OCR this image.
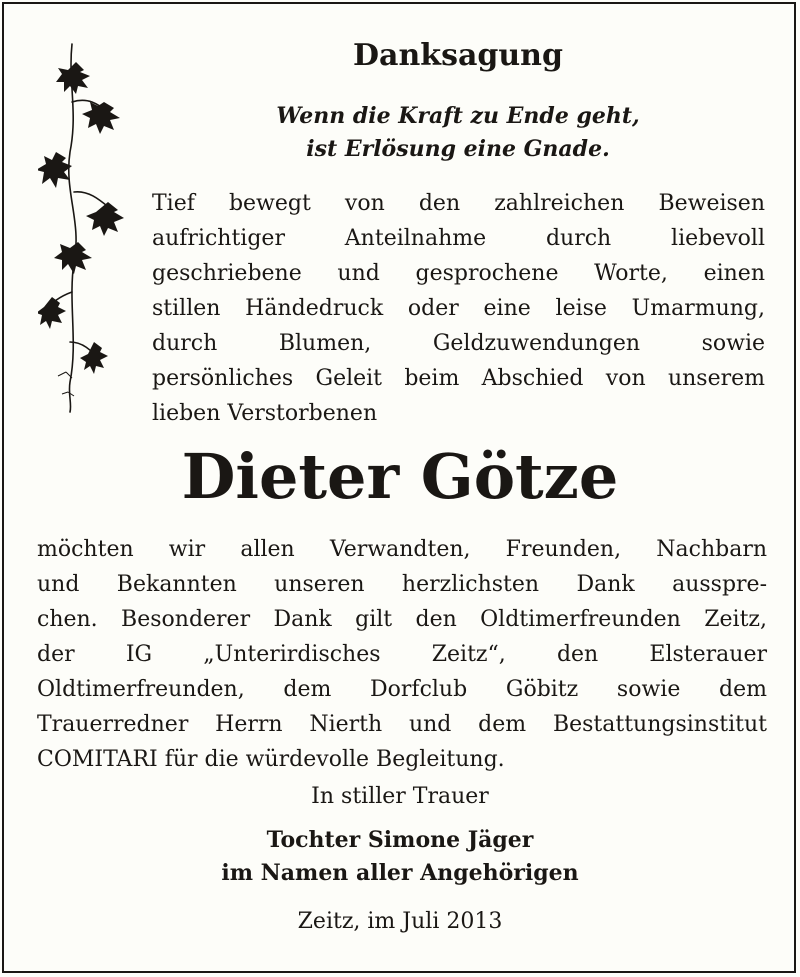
Danksagung
Wenn die Kraft zu Ende geht,
ist Erlösung eine Gnade.
Tief bewegt von den zahlreichen Beweisen
aufrichtiger Anteilnahme durch liebevoll
geschriebene und gesprochene Worte, einen
stillen Händedruck oder eine leise Umarmung,
durch Blumen, Geldzuwendungen sowie
persönliches Geleit beim Abschied von unserem
lieben Verstorbenen
Dieter Götze
möchten wir allen Verwandten, Freunden, Nachbarn
und Bekannten unseren herzlichsten Dank ausspre-
chen. Besonderer Dank gilt den Oldtimerfreunden Zeitz,
der IG „Unterirdisches Zeitz“, den Elsterauer
Oldtimerfreunden, dem Dorfclub Göbitz sowie dem
Trauerredner Herrn Nierth und dem Bestattungsinstitut
COMITARI für die würdevolle Begleitung.
In stiller Trauer
Tochter Simone Jäger
im Namen aller Angehörigen
Zeitz, im Juli 2013
